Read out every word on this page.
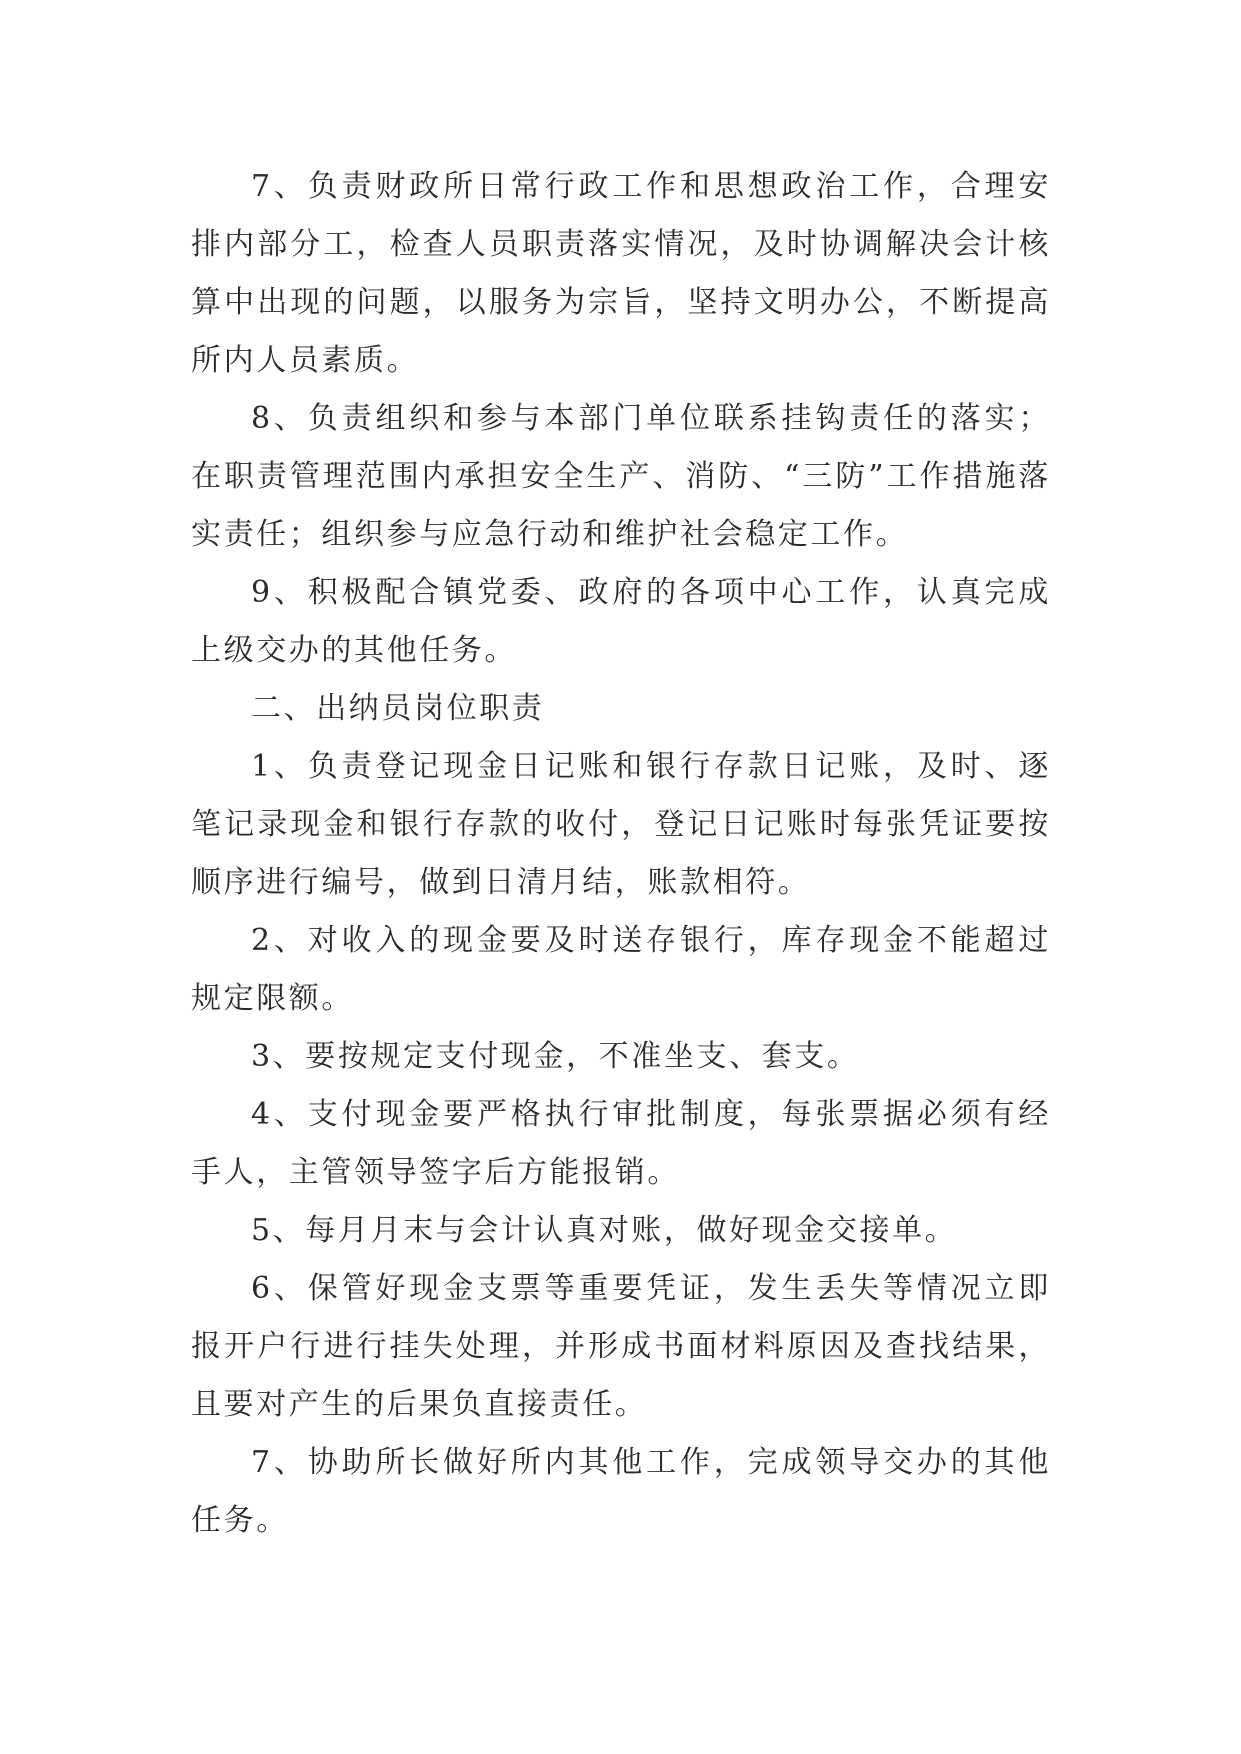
7、负责财政所日常行政工作和思想政治工作，合理安排内部分工，检查人员职责落实情况，及时协调解决会计核算中出现的问题，以服务为宗旨，坚持文明办公，不断提高所内人员素质。

8、负责组织和参与本部门单位联系挂钩责任的落实；在职责管理范围内承担安全生产、消防、“三防”工作措施落实责任；组织参与应急行动和维护社会稳定工作。

9、积极配合镇党委、政府的各项中心工作，认真完成上级交办的其他任务。

二、出纳员岗位职责

1、负责登记现金日记账和银行存款日记账，及时、逐笔记录现金和银行存款的收付，登记日记账时每张凭证要按顺序进行编号，做到日清月结，账款相符。

2、对收入的现金要及时送存银行，库存现金不能超过规定限额。

3、要按规定支付现金，不准坐支、套支。

4、支付现金要严格执行审批制度，每张票据必须有经手人，主管领导签字后方能报销。

5、每月月末与会计认真对账，做好现金交接单。

6、保管好现金支票等重要凭证，发生丢失等情况立即报开户行进行挂失处理，并形成书面材料原因及查找结果，且要对产生的后果负直接责任。

7、协助所长做好所内其他工作，完成领导交办的其他任务。
